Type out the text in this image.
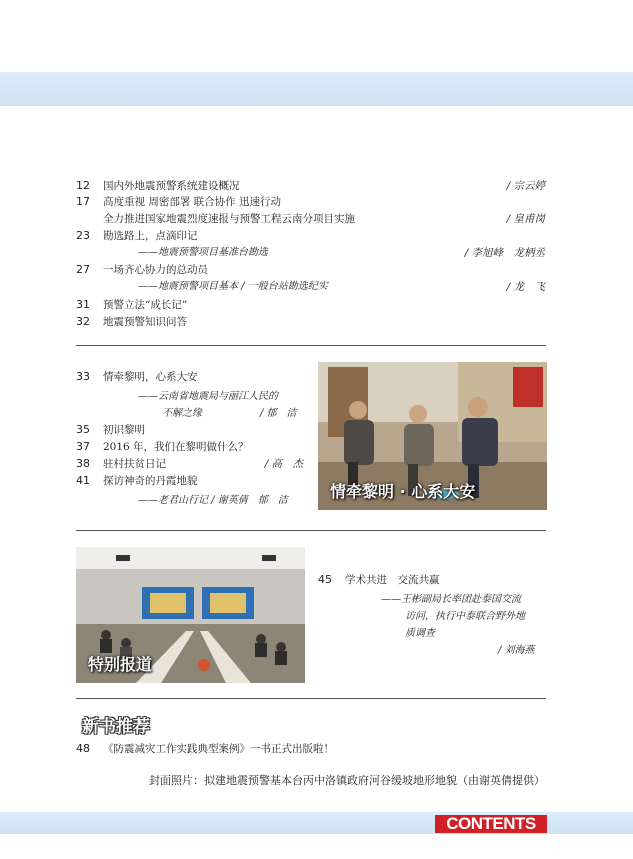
12	国内外地震预警系统建设概况	/ 宗云婷
17	高度重视 周密部署 联合协作 迅速行动
全力推进国家地震烈度速报与预警工程云南分项目实施	/ 皇甫岗
23	勘选路上，点滴印记
——地震预警项目基准台勘选	/ 李旭峰　龙柄丞
27	一场齐心协力的总动员
——地震预警项目基本 / 一般台站勘选纪实	/ 龙　飞
31	预警立法“成长记”
32	地震预警知识问答
33	情牵黎明，心系大安
——云南省地震局与丽江人民的
不解之缘	/ 郁　洁
35	初识黎明
37	2016 年，我们在黎明做什么？
38	驻村扶贫日记	/ 高　杰
41	探访神奇的丹霞地貌
——老君山行记 / 谢英倩　郁　洁	情牵黎明 · 心系大安
特别报道
45	学术共进　交流共赢
——王彬副局长率团赴泰国交流
访问，执行中泰联合野外地
质调查
/ 刘海燕
新书推荐
48	《防震减灾工作实践典型案例》一书正式出版啦！
封面照片：拟建地震预警基本台丙中洛镇政府河谷缓坡地形地貌（由谢英倩提供）
CONTENTS
